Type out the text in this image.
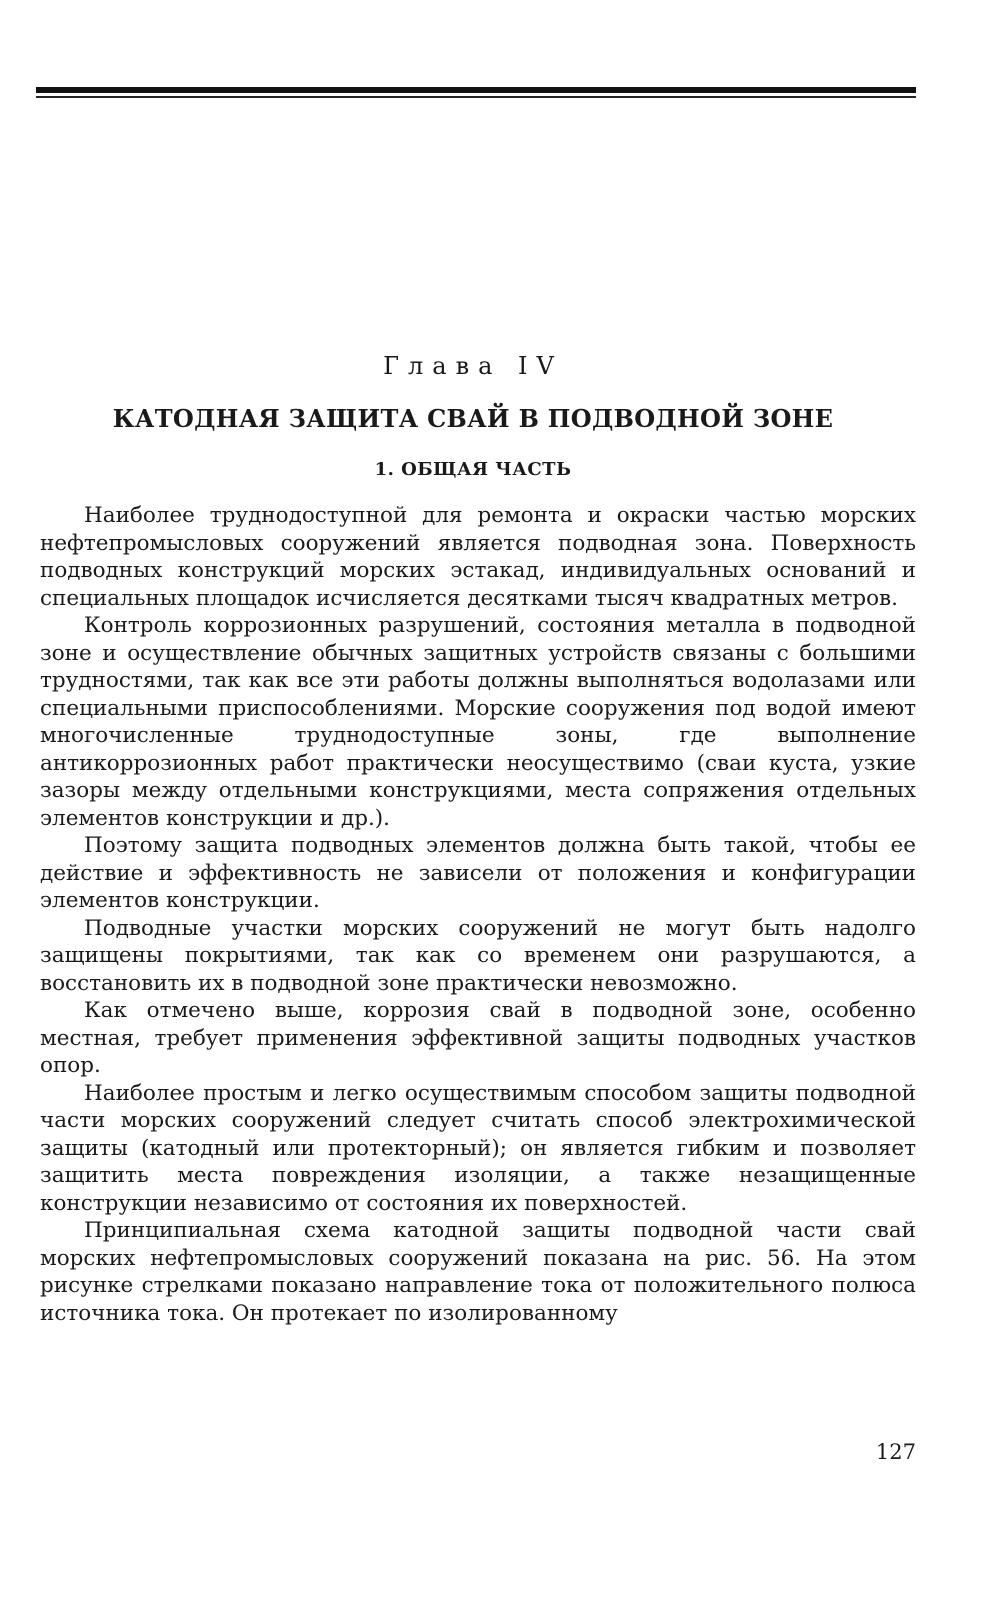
Глава IV
КАТОДНАЯ ЗАЩИТА СВАЙ В ПОДВОДНОЙ ЗОНЕ
1. ОБЩАЯ ЧАСТЬ

Наиболее труднодоступной для ремонта и окраски частью морских нефтепромысловых сооружений является подводная зона. Поверхность подводных конструкций морских эстакад, индивидуальных оснований и специальных площадок исчисляется десятками тысяч квадратных метров.

Контроль коррозионных разрушений, состояния металла в подводной зоне и осуществление обычных защитных устройств связаны с большими трудностями, так как все эти работы должны выполняться водолазами или специальными приспособлениями. Морские сооружения под водой имеют многочисленные труднодоступные зоны, где выполнение антикоррозионных работ практически неосуществимо (сваи куста, узкие зазоры между отдельными конструкциями, места сопряжения отдельных элементов конструкции и др.).

Поэтому защита подводных элементов должна быть такой, чтобы ее действие и эффективность не зависели от положения и конфигурации элементов конструкции.

Подводные участки морских сооружений не могут быть надолго защищены покрытиями, так как со временем они разрушаются, а восстановить их в подводной зоне практически невозможно.

Как отмечено выше, коррозия свай в подводной зоне, особенно местная, требует применения эффективной защиты подводных участков опор.

Наиболее простым и легко осуществимым способом защиты подводной части морских сооружений следует считать способ электрохимической защиты (катодный или протекторный); он является гибким и позволяет защитить места повреждения изоляции, а также незащищенные конструкции независимо от состояния их поверхностей.

Принципиальная схема катодной защиты подводной части свай морских нефтепромысловых сооружений показана на рис. 56. На этом рисунке стрелками показано направление тока от положительного полюса источника тока. Он протекает по изолированному

127
